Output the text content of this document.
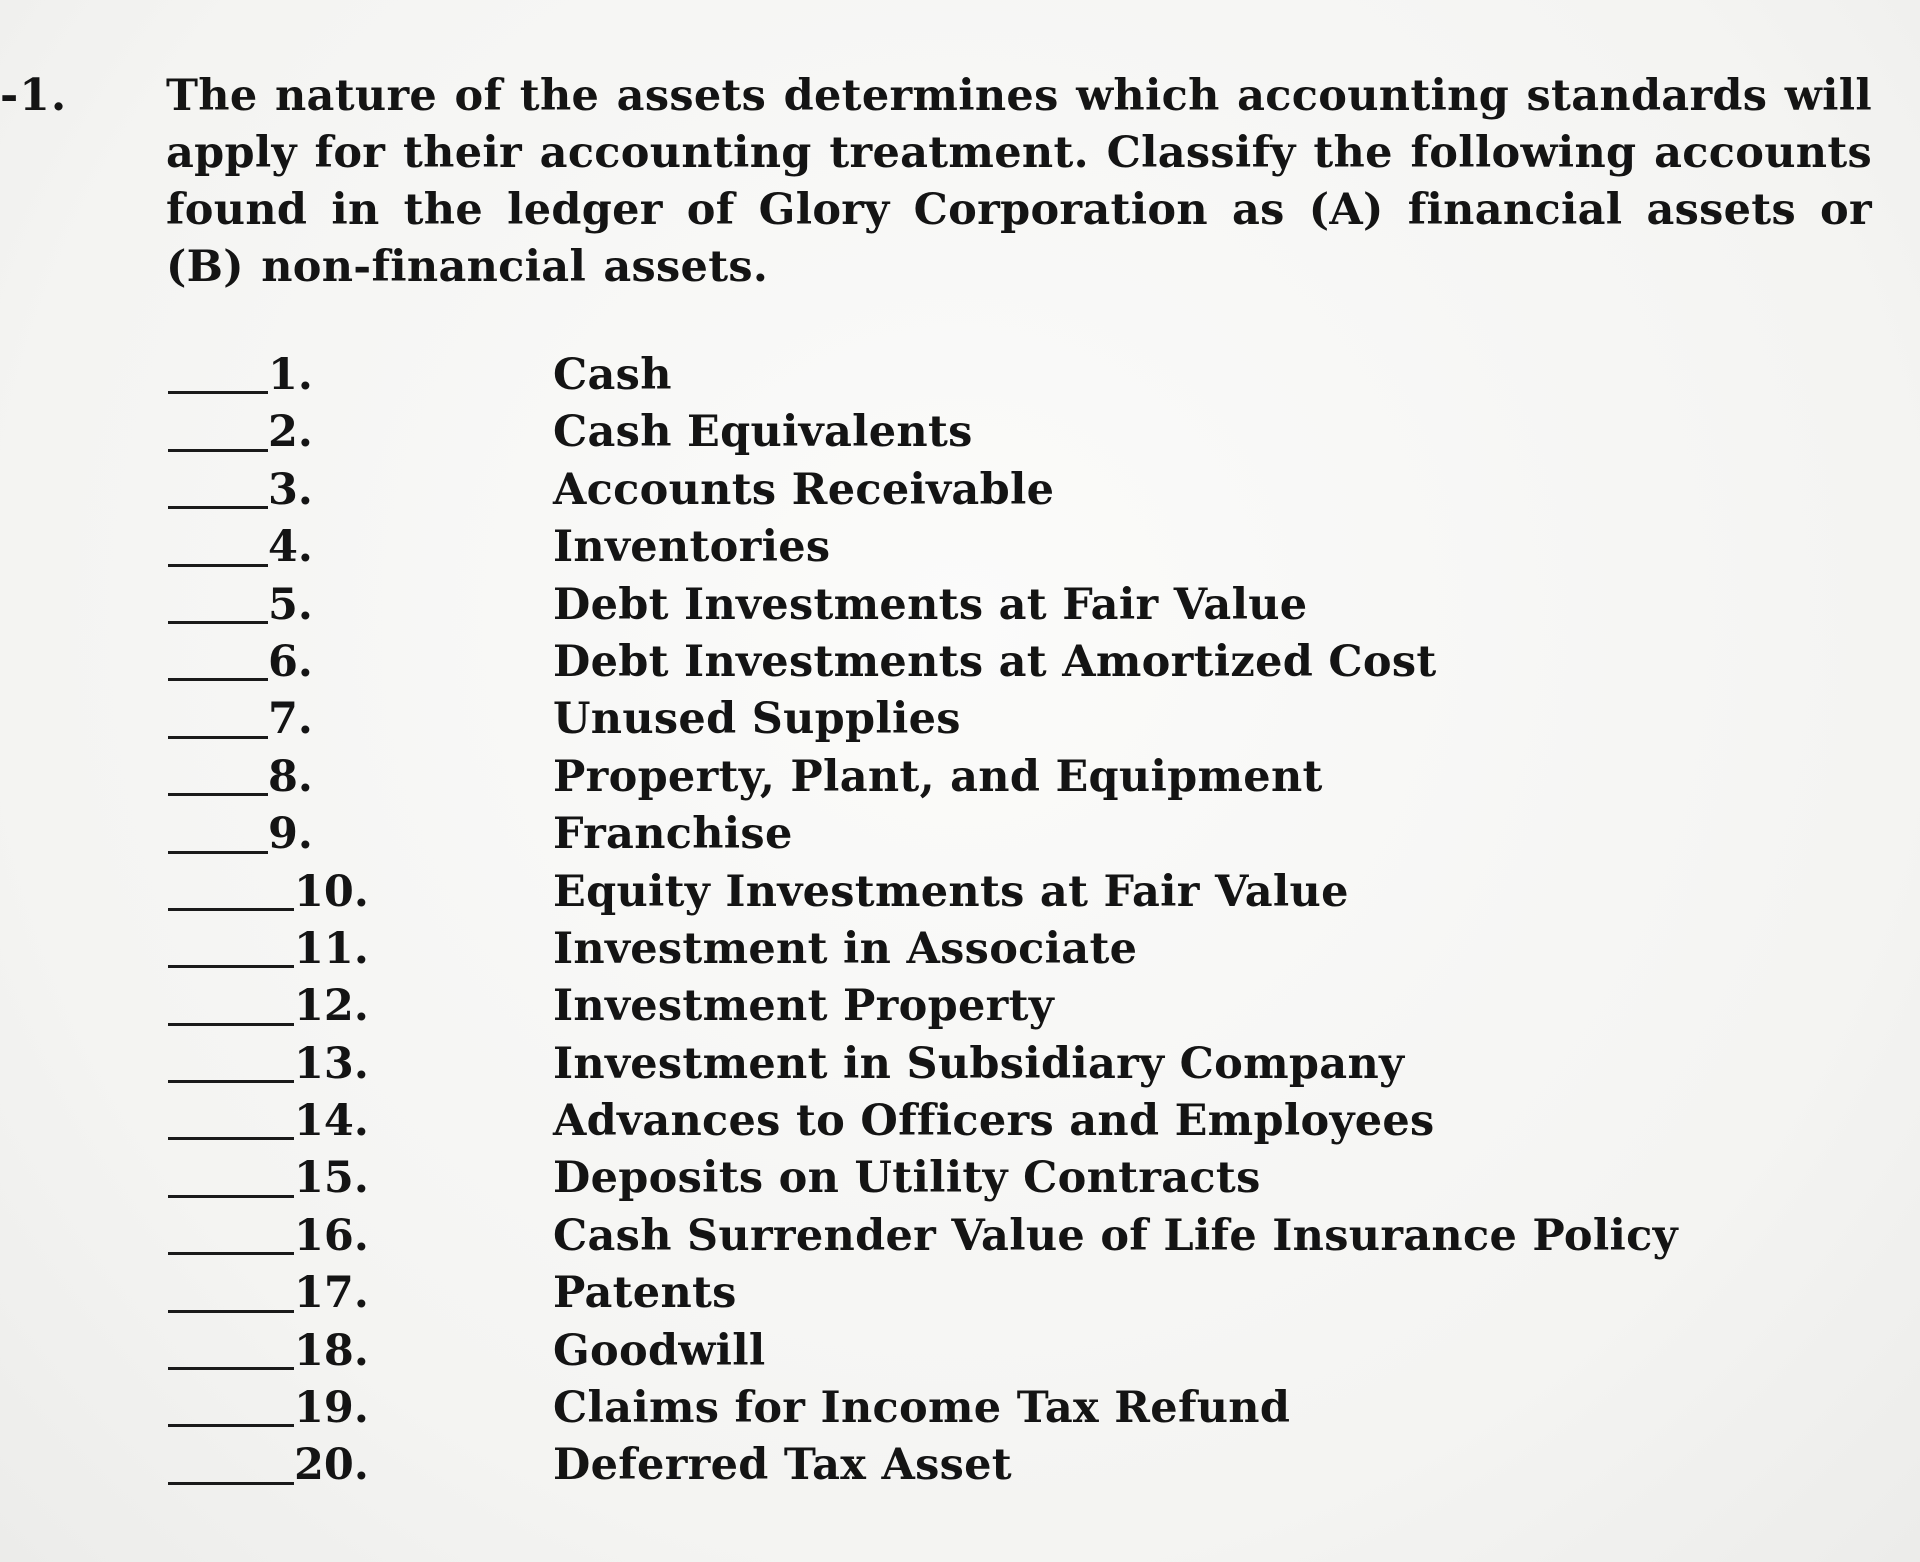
-1. The nature of the assets determines which accounting standards will apply for their accounting treatment. Classify the following accounts found in the ledger of Glory Corporation as (A) financial assets or (B) non-financial assets.
1.	Cash
2.	Cash Equivalents
3.	Accounts Receivable
4.	Inventories
5.	Debt Investments at Fair Value
6.	Debt Investments at Amortized Cost
7.	Unused Supplies
8.	Property, Plant, and Equipment
9.	Franchise
10.	Equity Investments at Fair Value
11.	Investment in Associate
12.	Investment Property
13.	Investment in Subsidiary Company
14.	Advances to Officers and Employees
15.	Deposits on Utility Contracts
16.	Cash Surrender Value of Life Insurance Policy
17.	Patents
18.	Goodwill
19.	Claims for Income Tax Refund
20.	Deferred Tax Asset
